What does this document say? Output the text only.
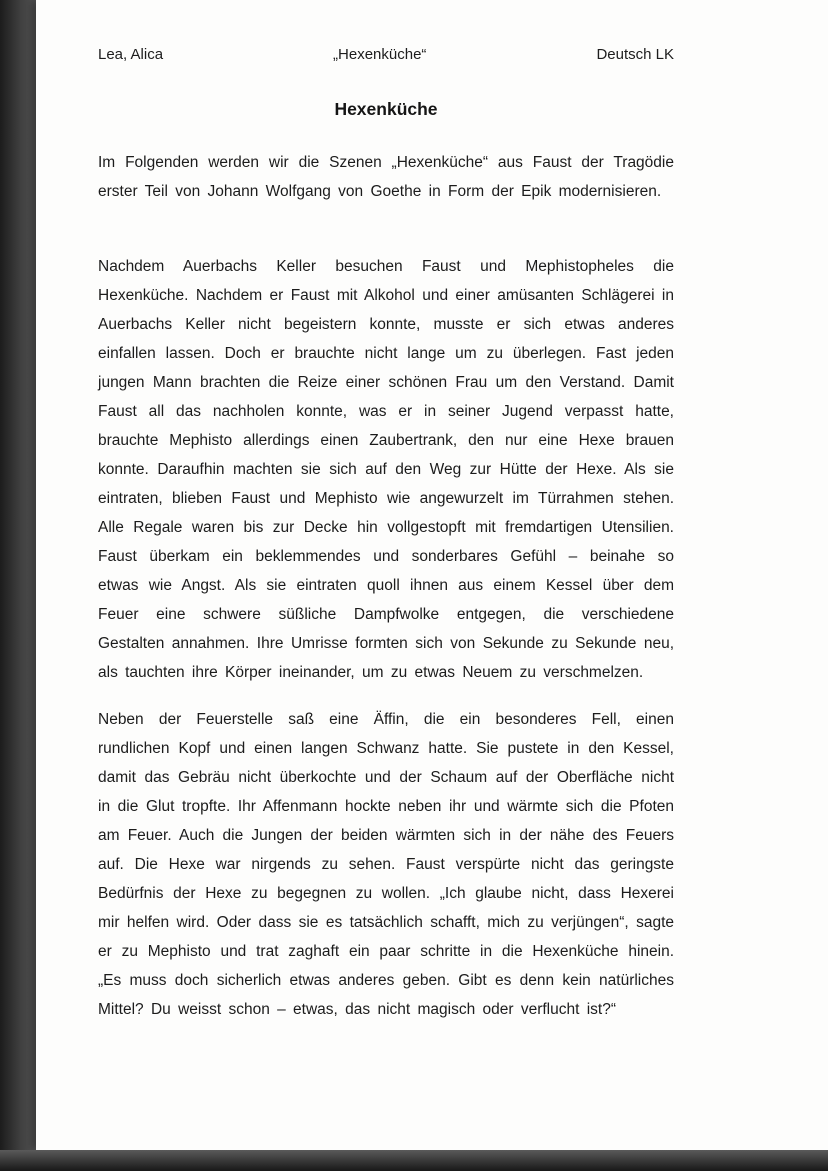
Lea, Alica	„Hexenküche“	Deutsch LK
Hexenküche

Im Folgenden werden wir die Szenen „Hexenküche“ aus Faust der Tragödie erster Teil von Johann Wolfgang von Goethe in Form der Epik modernisieren.

Nachdem Auerbachs Keller besuchen Faust und Mephistopheles die Hexenküche. Nachdem er Faust mit Alkohol und einer amüsanten Schlägerei in Auerbachs Keller nicht begeistern konnte, musste er sich etwas anderes einfallen lassen. Doch er brauchte nicht lange um zu überlegen. Fast jeden jungen Mann brachten die Reize einer schönen Frau um den Verstand. Damit Faust all das nachholen konnte, was er in seiner Jugend verpasst hatte, brauchte Mephisto allerdings einen Zaubertrank, den nur eine Hexe brauen konnte. Daraufhin machten sie sich auf den Weg zur Hütte der Hexe. Als sie eintraten, blieben Faust und Mephisto wie angewurzelt im Türrahmen stehen. Alle Regale waren bis zur Decke hin vollgestopft mit fremdartigen Utensilien. Faust überkam ein beklemmendes und sonderbares Gefühl – beinahe so etwas wie Angst. Als sie eintraten quoll ihnen aus einem Kessel über dem Feuer eine schwere süßliche Dampfwolke entgegen, die verschiedene Gestalten annahmen. Ihre Umrisse formten sich von Sekunde zu Sekunde neu, als tauchten ihre Körper ineinander, um zu etwas Neuem zu verschmelzen.

Neben der Feuerstelle saß eine Äffin, die ein besonderes Fell, einen rundlichen Kopf und einen langen Schwanz hatte. Sie pustete in den Kessel, damit das Gebräu nicht überkochte und der Schaum auf der Oberfläche nicht in die Glut tropfte. Ihr Affenmann hockte neben ihr und wärmte sich die Pfoten am Feuer. Auch die Jungen der beiden wärmten sich in der nähe des Feuers auf. Die Hexe war nirgends zu sehen. Faust verspürte nicht das geringste Bedürfnis der Hexe zu begegnen zu wollen. „Ich glaube nicht, dass Hexerei mir helfen wird. Oder dass sie es tatsächlich schafft, mich zu verjüngen“, sagte er zu Mephisto und trat zaghaft ein paar schritte in die Hexenküche hinein. „Es muss doch sicherlich etwas anderes geben. Gibt es denn kein natürliches Mittel? Du weisst schon – etwas, das nicht magisch oder verflucht ist?“
